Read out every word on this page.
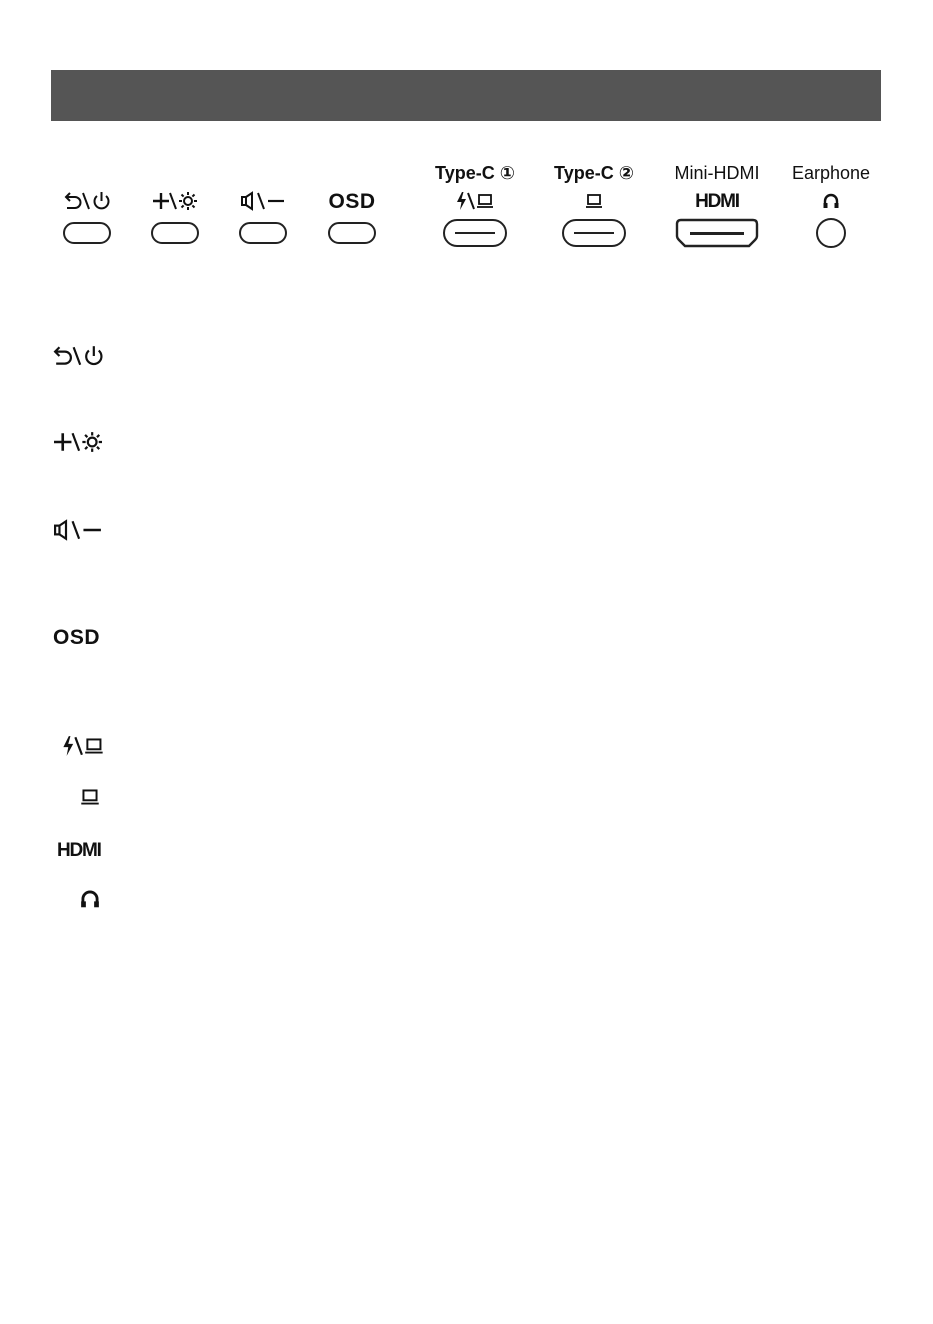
OSD
Type-C ①	Type-C ②	Mini-HDMI
HDMI
Earphone
OSD
HDMI
